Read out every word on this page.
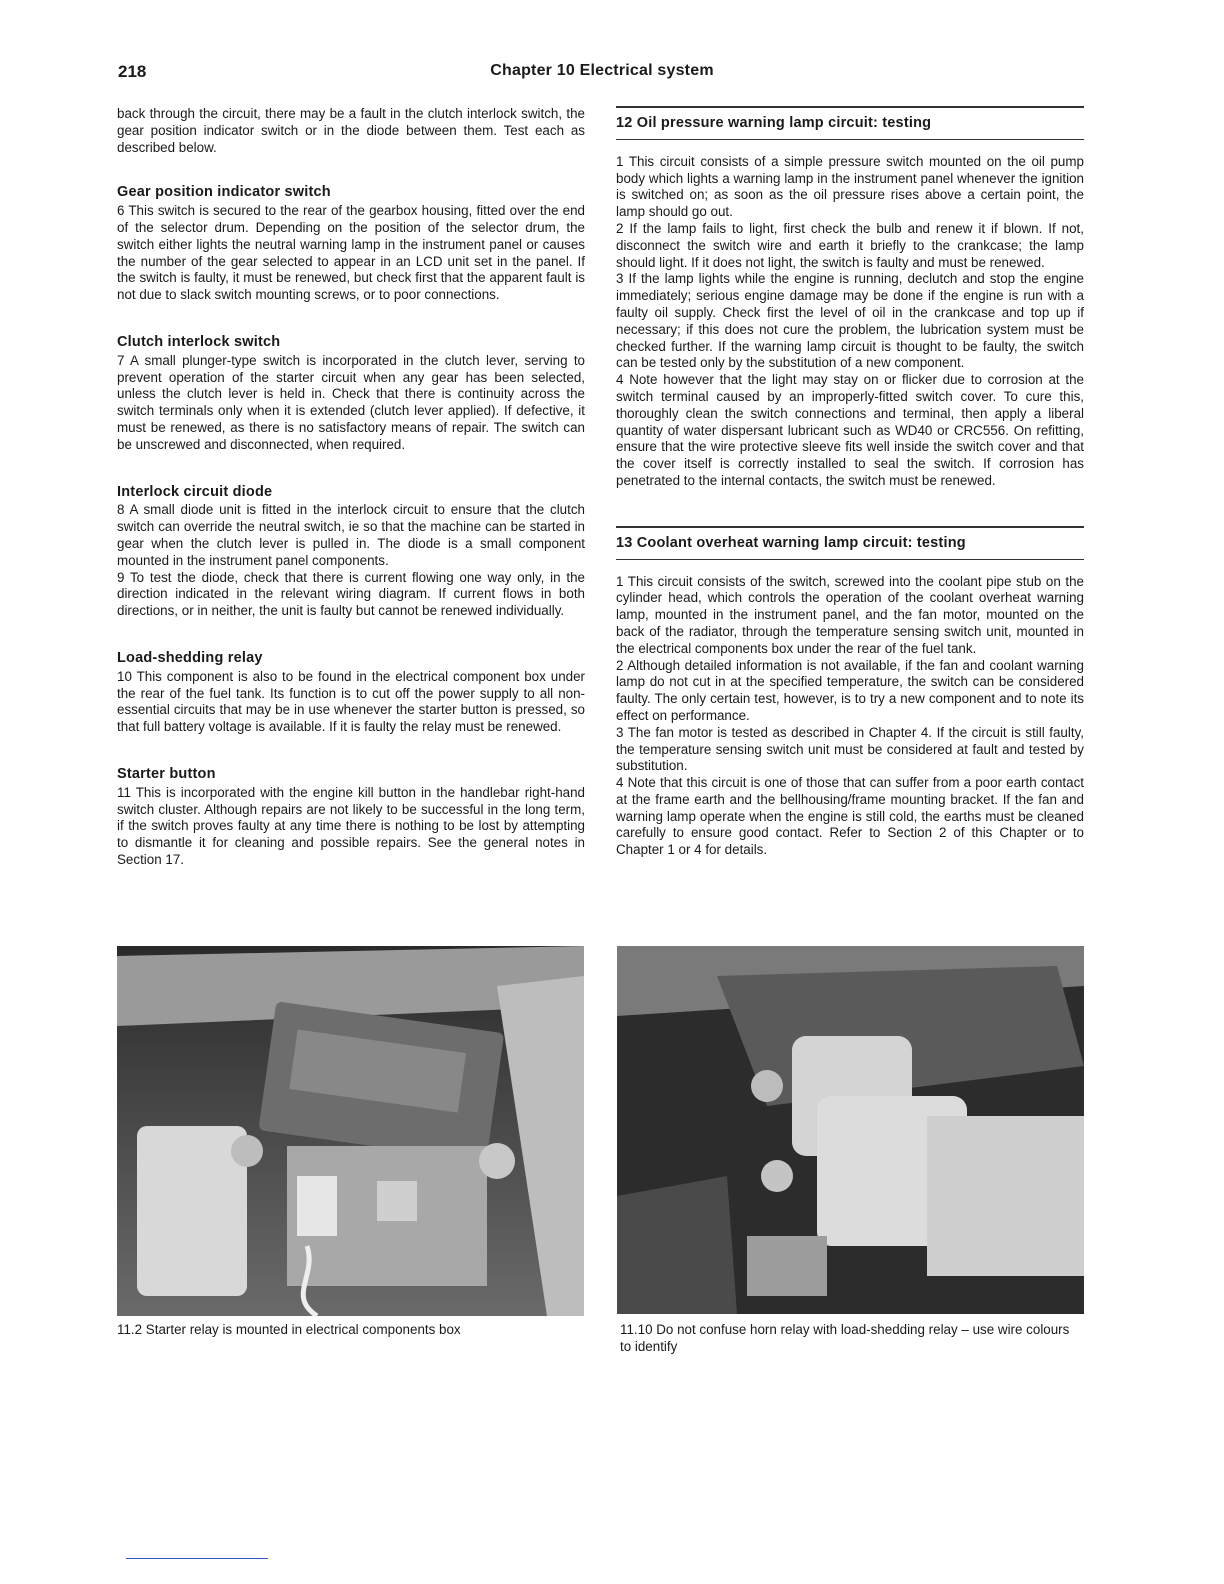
218	Chapter 10 Electrical system

back through the circuit, there may be a fault in the clutch interlock switch, the gear position indicator switch or in the diode between them. Test each as described below.

Gear position indicator switch

6 This switch is secured to the rear of the gearbox housing, fitted over the end of the selector drum. Depending on the position of the selector drum, the switch either lights the neutral warning lamp in the instrument panel or causes the number of the gear selected to appear in an LCD unit set in the panel. If the switch is faulty, it must be renewed, but check first that the apparent fault is not due to slack switch mounting screws, or to poor connections.

Clutch interlock switch

7 A small plunger-type switch is incorporated in the clutch lever, serving to prevent operation of the starter circuit when any gear has been selected, unless the clutch lever is held in. Check that there is continuity across the switch terminals only when it is extended (clutch lever applied). If defective, it must be renewed, as there is no satisfactory means of repair. The switch can be unscrewed and disconnected, when required.

Interlock circuit diode

8 A small diode unit is fitted in the interlock circuit to ensure that the clutch switch can override the neutral switch, ie so that the machine can be started in gear when the clutch lever is pulled in. The diode is a small component mounted in the instrument panel components.

9 To test the diode, check that there is current flowing one way only, in the direction indicated in the relevant wiring diagram. If current flows in both directions, or in neither, the unit is faulty but cannot be renewed individually.

Load-shedding relay

10 This component is also to be found in the electrical component box under the rear of the fuel tank. Its function is to cut off the power supply to all non-essential circuits that may be in use whenever the starter button is pressed, so that full battery voltage is available. If it is faulty the relay must be renewed.

Starter button

11 This is incorporated with the engine kill button in the handlebar right-hand switch cluster. Although repairs are not likely to be successful in the long term, if the switch proves faulty at any time there is nothing to be lost by attempting to dismantle it for cleaning and possible repairs. See the general notes in Section 17.

12 Oil pressure warning lamp circuit: testing

1 This circuit consists of a simple pressure switch mounted on the oil pump body which lights a warning lamp in the instrument panel whenever the ignition is switched on; as soon as the oil pressure rises above a certain point, the lamp should go out.

2 If the lamp fails to light, first check the bulb and renew it if blown. If not, disconnect the switch wire and earth it briefly to the crankcase; the lamp should light. If it does not light, the switch is faulty and must be renewed.

3 If the lamp lights while the engine is running, declutch and stop the engine immediately; serious engine damage may be done if the engine is run with a faulty oil supply. Check first the level of oil in the crankcase and top up if necessary; if this does not cure the problem, the lubrication system must be checked further. If the warning lamp circuit is thought to be faulty, the switch can be tested only by the substitution of a new component.

4 Note however that the light may stay on or flicker due to corrosion at the switch terminal caused by an improperly-fitted switch cover. To cure this, thoroughly clean the switch connections and terminal, then apply a liberal quantity of water dispersant lubricant such as WD40 or CRC556. On refitting, ensure that the wire protective sleeve fits well inside the switch cover and that the cover itself is correctly installed to seal the switch. If corrosion has penetrated to the internal contacts, the switch must be renewed.

13 Coolant overheat warning lamp circuit: testing

1 This circuit consists of the switch, screwed into the coolant pipe stub on the cylinder head, which controls the operation of the coolant overheat warning lamp, mounted in the instrument panel, and the fan motor, mounted on the back of the radiator, through the temperature sensing switch unit, mounted in the electrical components box under the rear of the fuel tank.

2 Although detailed information is not available, if the fan and coolant warning lamp do not cut in at the specified temperature, the switch can be considered faulty. The only certain test, however, is to try a new component and to note its effect on performance.

3 The fan motor is tested as described in Chapter 4. If the circuit is still faulty, the temperature sensing switch unit must be considered at fault and tested by substitution.

4 Note that this circuit is one of those that can suffer from a poor earth contact at the frame earth and the bellhousing/frame mounting bracket. If the fan and warning lamp operate when the engine is still cold, the earths must be cleaned carefully to ensure good contact. Refer to Section 2 of this Chapter or to Chapter 1 or 4 for details.

11.2 Starter relay is mounted in electrical components box	11.10 Do not confuse horn relay with load-shedding relay – use wire colours to identify
